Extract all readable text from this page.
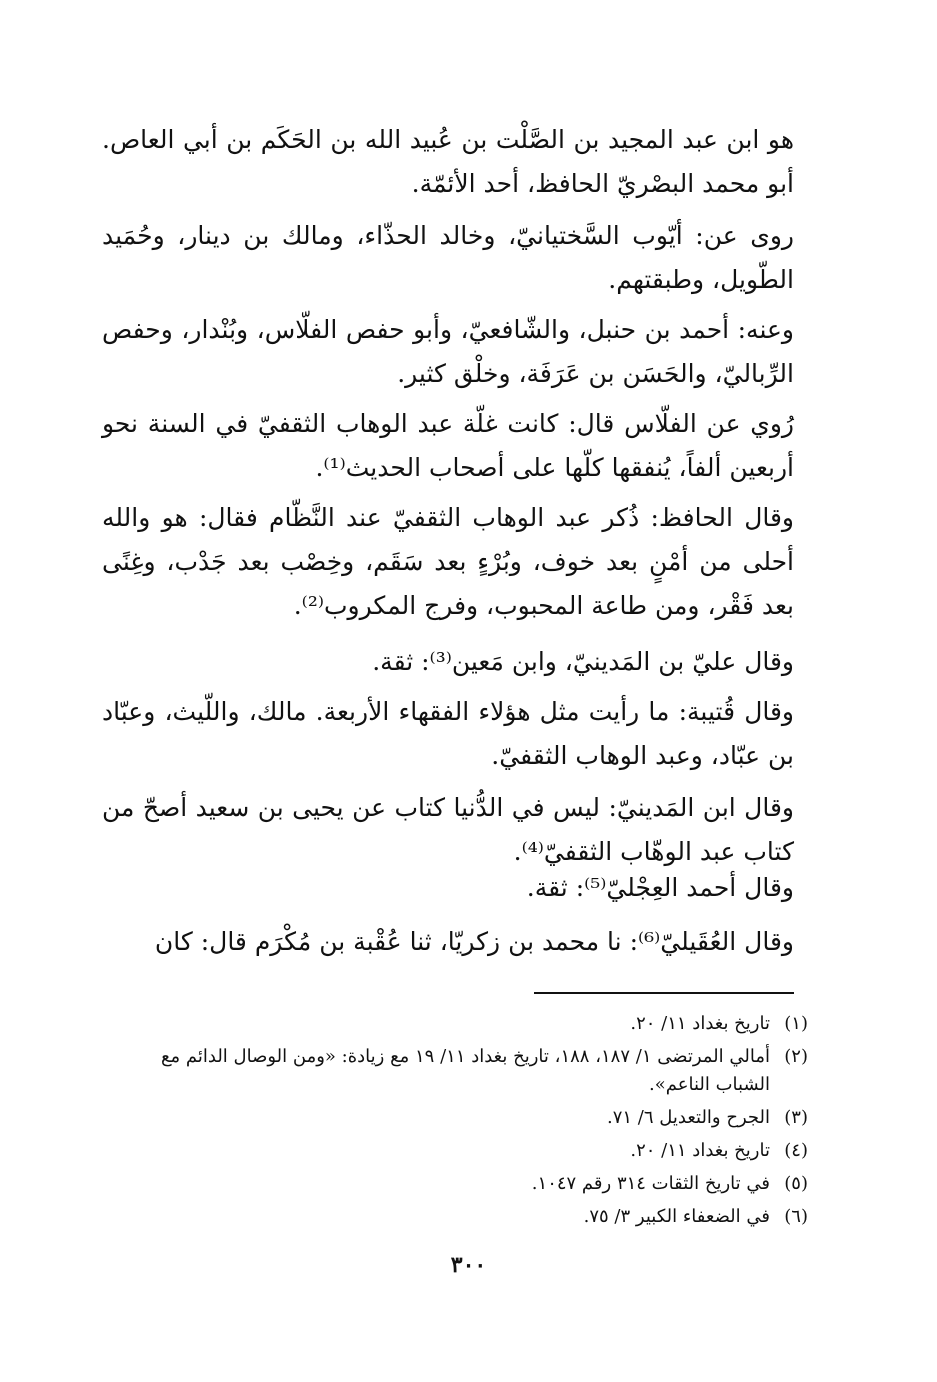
هو ابن عبد المجيد بن الصَّلْت بن عُبيد الله بن الحَكَم بن أبي العاص. أبو محمد البصْريّ الحافظ، أحد الأئمّة.

روى عن: أيّوب السَّختيانيّ، وخالد الحذّاء، ومالك بن دينار، وحُمَيد الطّويل، وطبقتهم.

وعنه: أحمد بن حنبل، والشّافعيّ، وأبو حفص الفلّاس، وبُنْدار، وحفص الرِّباليّ، والحَسَن بن عَرَفَة، وخلْق كثير.

رُوي عن الفلّاس قال: كانت غلّة عبد الوهاب الثقفيّ في السنة نحو أربعين ألفاً، يُنفقها كلّها على أصحاب الحديث⁽¹⁾.

وقال الحافظ: ذُكر عبد الوهاب الثقفيّ عند النَّظّام فقال: هو والله أحلى من أمْنٍ بعد خوف، وبُرْءٍ بعد سَقَم، وخِصْب بعد جَدْب، وغِنًى بعد فَقْر، ومن طاعة المحبوب، وفرج المكروب⁽²⁾.

وقال عليّ بن المَدينيّ، وابن مَعين⁽³⁾: ثقة.

وقال قُتيبة: ما رأيت مثل هؤلاء الفقهاء الأربعة. مالك، واللّيث، وعبّاد بن عبّاد، وعبد الوهاب الثقفيّ.

وقال ابن المَدينيّ: ليس في الدُّنيا كتاب عن يحيى بن سعيد أصحّ من كتاب عبد الوهّاب الثقفيّ⁽⁴⁾.

وقال أحمد العِجْليّ⁽⁵⁾: ثقة.

وقال العُقَيليّ⁽⁶⁾: نا محمد بن زكريّا، ثنا عُقْبة بن مُكْرَم قال: كان

(١)تاريخ بغداد ١١/ ٢٠.
(٢)أمالي المرتضى ١/ ١٨٧، ١٨٨، تاريخ بغداد ١١/ ١٩ مع زيادة: «ومن الوصال الدائم مع الشباب الناعم».
(٣)الجرح والتعديل ٦/ ٧١.
(٤)تاريخ بغداد ١١/ ٢٠.
(٥)في تاريخ الثقات ٣١٤ رقم ١٠٤٧.
(٦)في الضعفاء الكبير ٣/ ٧٥.
٣٠٠
